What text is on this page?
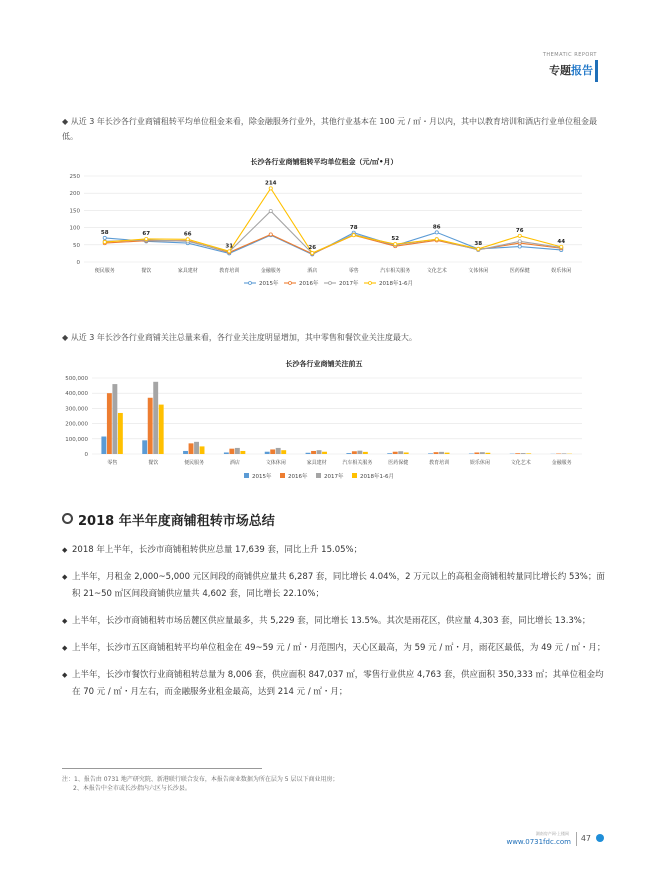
THEMATIC REPORT
专题报告
◆ 从近 3 年长沙各行业商铺租转平均单位租金来看，除金融服务行业外，其他行业基本在 100 元 / ㎡・月以内，其中以教育培训和酒店行业单位租金最低。
长沙各行业商铺租转平均单位租金（元/㎡•月）
0
50
100
150
200
250
便民服务	餐饮	家具建材	教育培训	金融服务	酒店	零售	汽车相关服务	文化艺术	文体休闲	医药保健	娱乐休闲
58	67	66
31
214
26
78
52
86
38
76
44
2015年	2016年	2017年	2018年1-6月
◆ 从近 3 年长沙各行业商铺关注总量来看，各行业关注度明显增加，其中零售和餐饮业关注度最大。
长沙各行业商铺关注前五
0
100,000
200,000
300,000
400,000
500,000
零售	餐饮	便民服务	酒店	文体休闲	家具建材	汽车相关服务	医药保健	教育培训	娱乐休闲	文化艺术	金融服务
2015年	2016年	2017年	2018年1-6月
2018 年半年度商铺租转市场总结
◆ 2018 年上半年，长沙市商铺租转供应总量 17,639 套，同比上升 15.05%；
◆ 上半年，月租金 2,000~5,000 元区间段的商铺供应量共 6,287 套，同比增长 4.04%，2 万元以上的高租金商铺租转量同比增长约 53%；面积 21~50 ㎡区间段商铺供应量共 4,602 套，同比增长 22.10%；
◆ 上半年，长沙市商铺租转市场岳麓区供应量最多，共 5,229 套，同比增长 13.5%。其次是雨花区，供应量 4,303 套，同比增长 13.3%；
◆ 上半年，长沙市五区商铺租转平均单位租金在 49~59 元 / ㎡・月范围内，天心区最高，为 59 元 / ㎡・月，雨花区最低，为 49 元 / ㎡・月；
◆ 上半年，长沙市餐饮行业商铺租转总量为 8,006 套，供应面积 847,037 ㎡，零售行业供应 4,763 套，供应面积 350,333 ㎡；其单位租金均在 70 元 / ㎡・月左右，而金融服务业租金最高，达到 214 元 / ㎡・月；
注：1、报告由 0731 地产研究院、新港联行联合发布，本报告商业数据为所在层为 5 层以下商业用房；
2、本报告中全市或长沙指内六区与长沙县。
湖南房产网·上楼网
www.0731fdc.com 47
